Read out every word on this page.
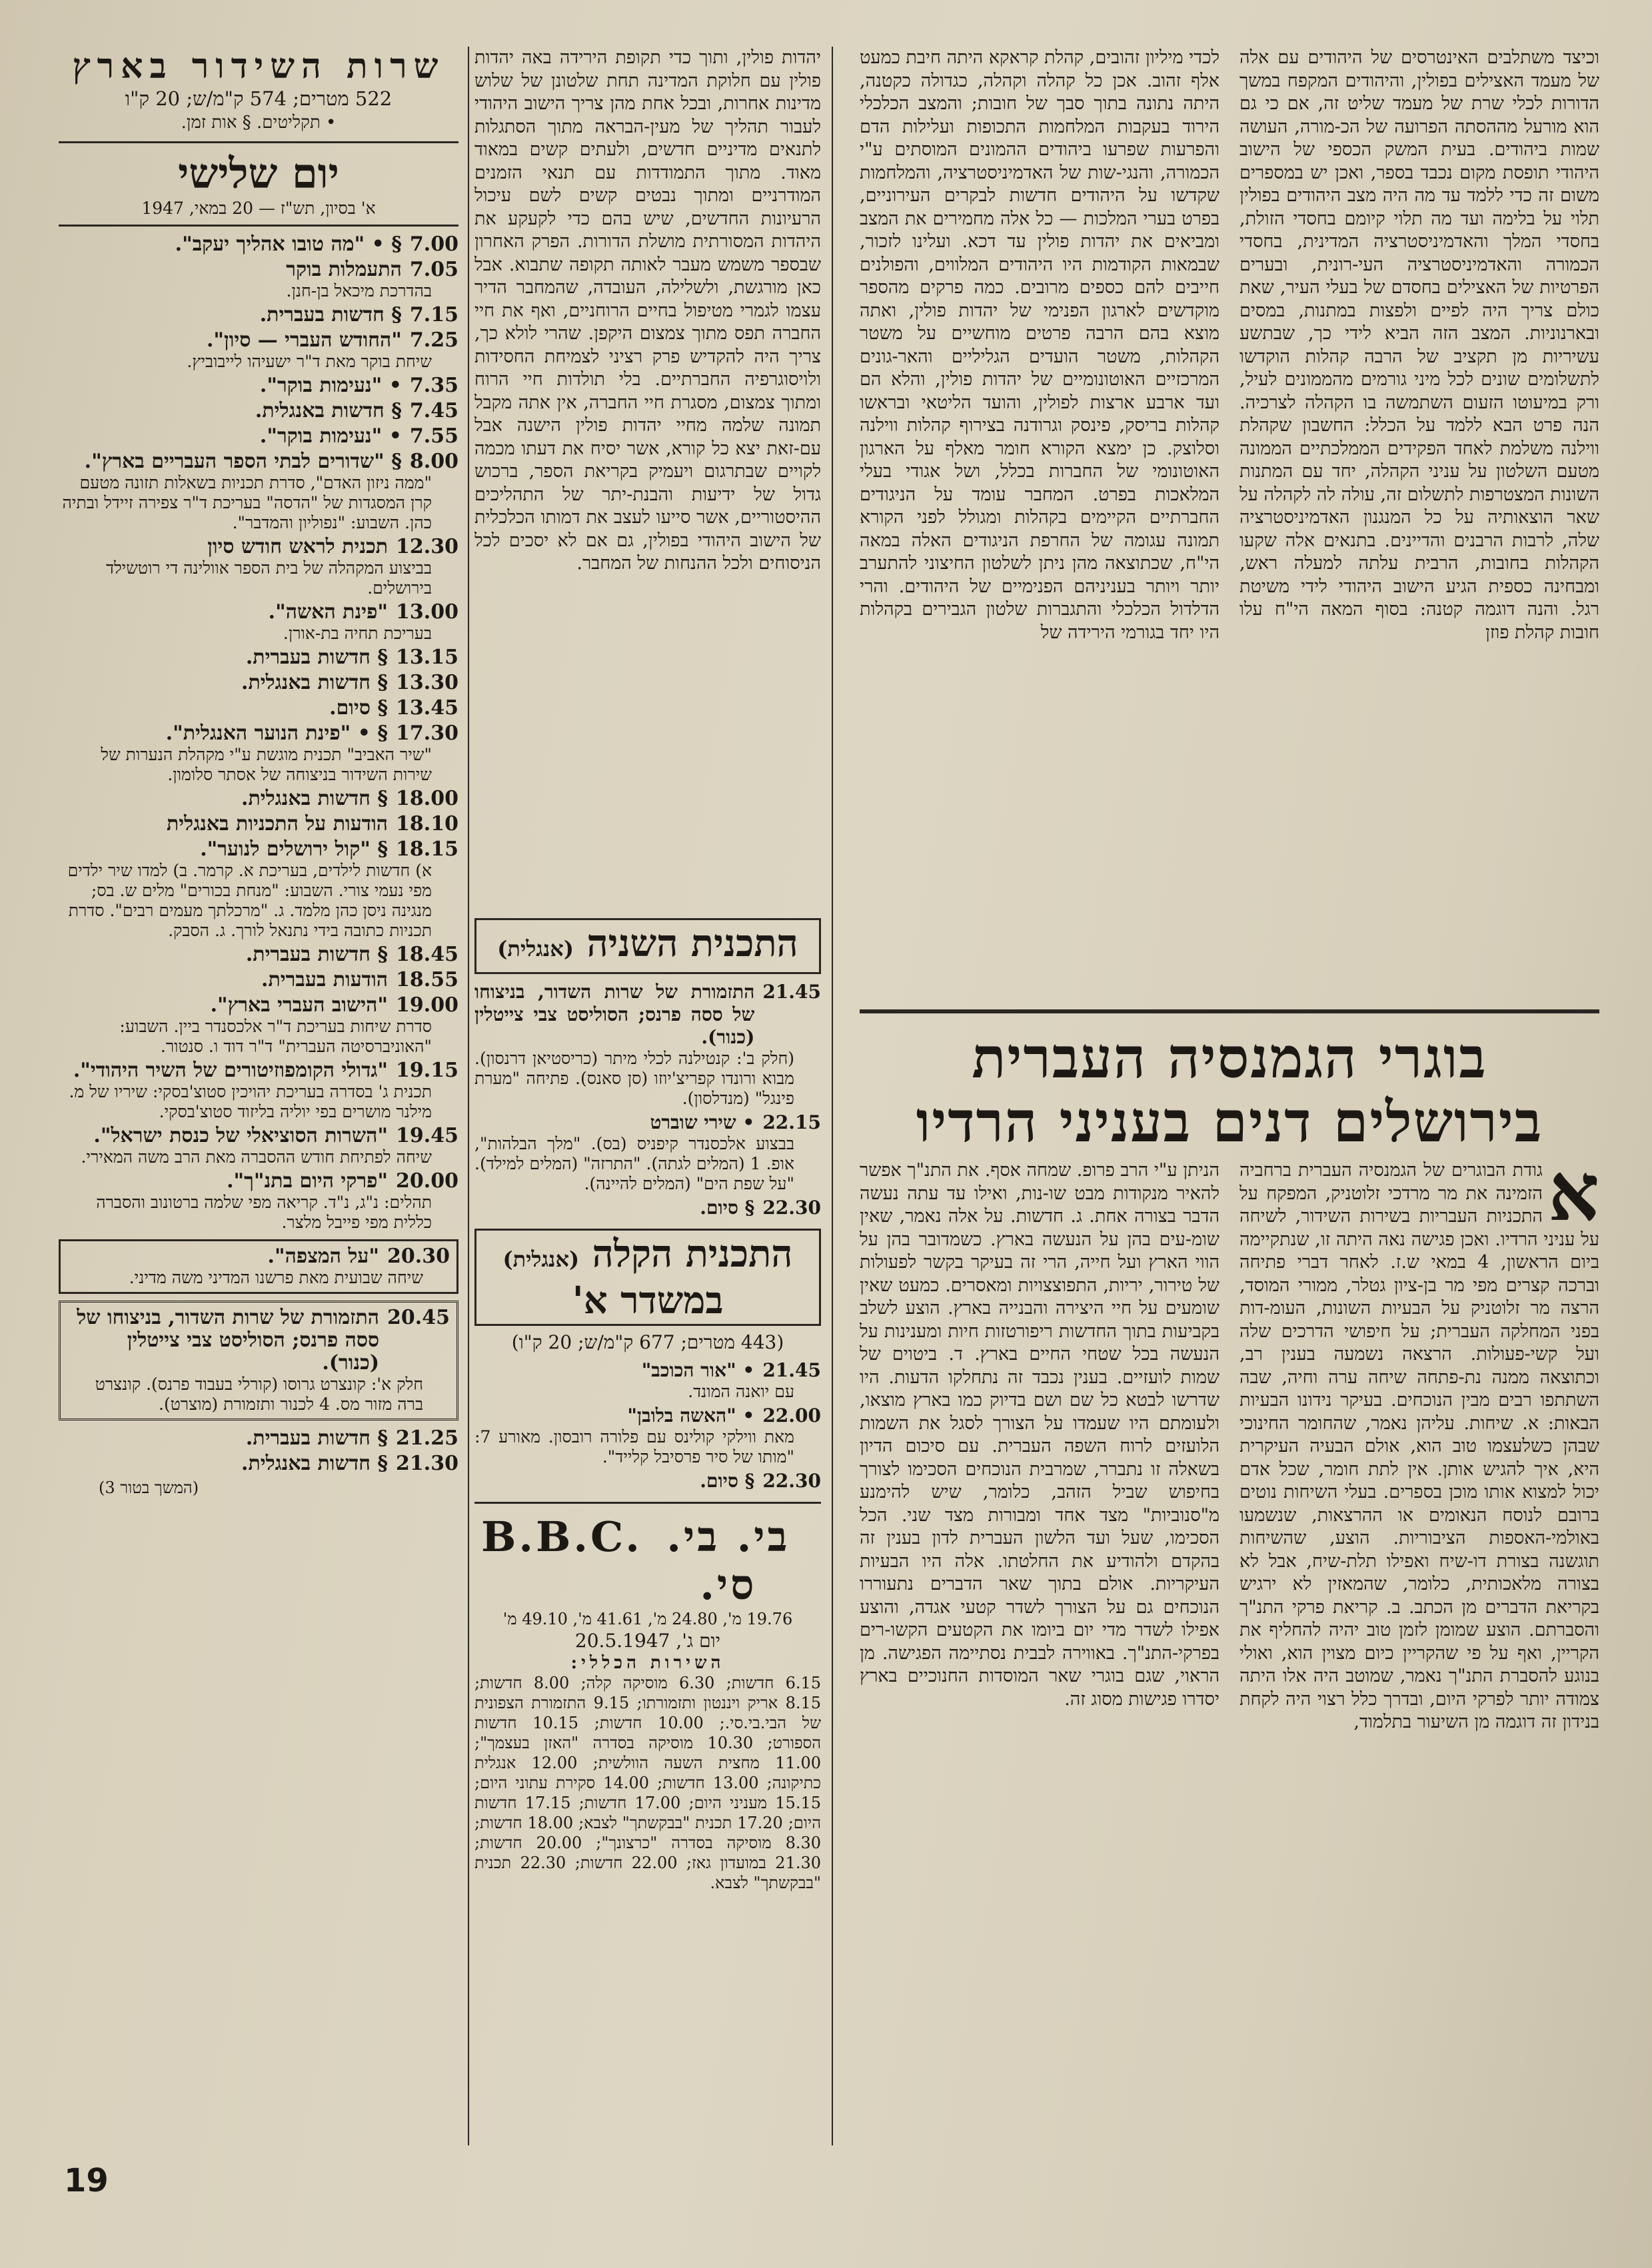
שרות השידור בארץ
522 מטרים; 574 ק"מ/ש; 20 ק"ו
• תקליטים. § אות זמן.
יום שלישי
א' בסיון, תש"ז — 20 במאי, 1947
7.00
§ • "מה טובו אהליך יעקב".
7.05
התעמלות בוקר
בהדרכת מיכאל בן-חנן.
7.15
§ חדשות בעברית.
7.25
"החודש העברי — סיון".
שיחת בוקר מאת ד"ר ישעיהו לייבוביץ.
7.35
• "נעימות בוקר".
7.45
§ חדשות באנגלית.
7.55
• "נעימות בוקר".
8.00
§ "שדורים לבתי הספר העבריים בארץ".
"ממה ניזון האדם", סדרת תכניות בשאלות תזונה מטעם קרן המסגדות של "הדסה" בעריכת ד"ר צפירה זיידל ובתיה כהן. השבוע: "נפוליון והמדבר".
12.30
תכנית לראש חודש סיון
בביצוע המקהלה של בית הספר אוולינה די רוטשילד בירושלים.
13.00
"פינת האשה".
בעריכת תחיה בת-אורן.
13.15
§ חדשות בעברית.
13.30
§ חדשות באנגלית.
13.45
§ סיום.
17.30
§ • "פינת הנוער האנגלית".
"שיר האביב" תכנית מוגשת ע"י מקהלת הנערות של שירות השידור בניצוחה של אסתר סלומון.
18.00
§ חדשות באנגלית.
18.10
הודעות על התכניות באנגלית
18.15
§ "קול ירושלים לנוער".
א) חדשות לילדים, בעריכת א. קרמר. ב) למדו שיר ילדים מפי נעמי צורי. השבוע: "מנחת בכורים" מלים ש. בס; מנגינה ניסן כהן מלמד. ג. "מרכלתך מעמים רבים". סדרת תכניות כתובה בידי נתנאל לורך. ג. הסבק.
18.45
§ חדשות בעברית.
18.55
הודעות בעברית.
19.00
"הישוב העברי בארץ".
סדרת שיחות בעריכת ד"ר אלכסנדר ביין. השבוע: "האוניברסיטה העברית" ד"ר דוד ו. סנטור.
19.15
"גדולי הקומפוזיטורים של השיר היהודי".
תכנית ג' בסדרה בעריכת יהויכין סטוצ'בסקי: שיריו של מ. מילנר מושרים בפי יוליה בליזוד סטוצ'בסקי.
19.45
"השרות הסוציאלי של כנסת ישראל".
שיחה לפתיחת חודש ההסברה מאת הרב משה המאירי.
20.00
"פרקי היום בתנ"ך".
תהלים: נ"ג, נ"ד. קריאה מפי שלמה ברטונוב והסברה כללית מפי פייבל מלצר.
20.30
"על המצפה".
שיחה שבועית מאת פרשנו המדיני משה מדיני.
20.45
התזמורת של שרות השדור, בניצוחו של ססה פרנס; הסוליסט צבי צייטלין (כנור).
חלק א': קונצרט גרוסו (קורלי בעבוד פרנס). קונצרט ברה מזור מס. 4 לכנור ותזמורת (מוצרט).
21.25
§ חדשות בעברית.
21.30
§ חדשות באנגלית.
(המשך בטור 3)

יהדות פולין, ותוך כדי תקופת הירידה באה יהדות פולין עם חלוקת המדינה תחת שלטונן של שלוש מדינות אחרות, ובכל אחת מהן צריך הישוב היהודי לעבור תהליך של מעין-הבראה מתוך הסתגלות לתנאים מדיניים חדשים, ולעתים קשים במאוד מאוד. מתוך התמודדות עם תנאי הזמנים המודרניים ומתוך נבטים קשים לשם עיכול הרעיונות החדשים, שיש בהם כדי לקעקע את היהדות המסורתית מושלת הדורות. הפרק האחרון שבספר משמש מעבר לאותה תקופה שתבוא. אבל כאן מורגשת, ולשלילה, העובדה, שהמחבר הדיר עצמו לגמרי מטיפול בחיים הרוחניים, ואף את חיי החברה תפס מתוך צמצום היקפן. שהרי לולא כך, צריך היה להקדיש פרק רציני לצמיחת החסידות ולויסוגרפיה החברתיים. בלי תולדות חיי הרוח ומתוך צמצום, מסגרת חיי החברה, אין אתה מקבל תמונה שלמה מחיי יהדות פולין הישנה אבל עם-זאת יצא כל קורא, אשר יסיח את דעתו מכמה לקויים שבתרגום ויעמיק בקריאת הספר, ברכוש גדול של ידיעות והבנת-יתר של התהליכים ההיסטוריים, אשר סייעו לעצב את דמותו הכלכלית של הישוב היהודי בפולין, גם אם לא יסכים לכל הניסוחים ולכל ההנחות של המחבר.

התכנית השניה (אנגלית)
21.45
התזמורת של שרות השדור, בניצוחו של ססה פרנס; הסוליסט צבי צייטלין (כנור).
(חלק ב': קנטילנה לכלי מיתר (כריסטיאן דרנסון). מבוא ורונדו קפריצ'יוזו (סן סאנס). פתיחה "מערת פינגל" (מנדלסון).
22.15
• שירי שוברט
בבצוע אלכסנדר קיפניס (בס). "מלך הבלהות", אופ. 1 (המלים לגתה). "התרזה" (המלים למילד). "על שפת הים" (המלים להיינה).
22.30
§ סיום.
התכנית הקלה (אנגלית)
במשדר א'
(443 מטרים; 677 ק"מ/ש; 20 ק"ו)
21.45
• "אור הכוכב"
עם יואנה המונד.
22.00
• "האשה בלובן"
מאת ווילקי קולינס עם פלורה רובסון. מאורע 7: "מותו של סיר פרסיבל קלייד".
22.30
§ סיום.
B.B.C. בי. בי. סי.
19.76 מ', 24.80 מ', 41.61 מ', 49.10 מ'
יום ג', 20.5.1947
השירות הכללי:

6.15 חדשות; 6.30 מוסיקה קלה; 8.00 חדשות; 8.15 אריק ויננטון ותזמורתו; 9.15 התזמורת הצפונית של הבי.בי.סי.; 10.00 חדשות; 10.15 חדשות הספורט; 10.30 מוסיקה בסדרה "האזן בעצמך"; 11.00 מחצית השעה הוולשית; 12.00 אנגלית כתיקונה; 13.00 חדשות; 14.00 סקירת עתוני היום; 15.15 מעניני היום; 17.00 חדשות; 17.15 חדשות היום; 17.20 תכנית "בבקשתך" לצבא; 18.00 חדשות; 8.30 מוסיקה בסדרה "כרצונך"; 20.00 חדשות; 21.30 במועדון גאז; 22.00 חדשות; 22.30 תכנית "בבקשתך" לצבא.

לכדי מיליון זהובים, קהלת קראקא היתה חיבת כמעט אלף זהוב. אכן כל קהלה וקהלה, כגדולה כקטנה, היתה נתונה בתוך סבך של חובות; והמצב הכלכלי הירוד בעקבות המלחמות התכופות ועלילות הדם והפרעות שפרעו ביהודים ההמונים המוסתים ע"י הכמורה, והנגי-שות של האדמיניסטרציה, והמלחמות שקדשו על היהודים חדשות לבקרים העירוניים, בפרט בערי המלכות — כל אלה מחמירים את המצב ומביאים את יהדות פולין עד דכא. ועלינו לזכור, שבמאות הקודמות היו היהודים המלווים, והפולנים חייבים להם כספים מרובים. כמה פרקים מהספר מוקדשים לארגון הפנימי של יהדות פולין, ואתה מוצא בהם הרבה פרטים מוחשיים על משטר הקהלות, משטר הועדים הגליליים והאר-גונים המרכזיים האוטונומיים של יהדות פולין, והלא הם ועד ארבע ארצות לפולין, והועד הליטאי ובראשו קהלות בריסק, פינסק וגרודנה בצירוף קהלות ווילנה וסלוצק. כן ימצא הקורא חומר מאלף על הארגון האוטונומי של החברות בכלל, ושל אגודי בעלי המלאכות בפרט. המחבר עומד על הניגודים החברתיים הקיימים בקהלות ומגולל לפני הקורא תמונה עגומה של החרפת הניגודים האלה במאה הי"ח, שכתוצאה מהן ניתן לשלטון החיצוני להתערב יותר ויותר בעניניהם הפנימיים של היהודים. והרי הדלדול הכלכלי והתגברות שלטון הגבירים בקהלות היו יחד בגורמי הירידה של
וכיצד משתלבים האינטרסים של היהודים עם אלה של מעמד האצילים בפולין, והיהודים המקפח במשך הדורות לכלי שרת של מעמד שליט זה, אם כי גם הוא מורעל מההסתה הפרועה של הכ-מורה, העושה שמות ביהודים. בעית המשק הכספי של הישוב היהודי תופסת מקום נכבד בספר, ואכן יש במספרים משום זה כדי ללמד עד מה היה מצב היהודים בפולין תלוי על בלימה ועד מה תלוי קיומם בחסדי הזולת, בחסדי המלך והאדמיניסטרציה המדינית, בחסדי הכמורה והאדמיניסטרציה העי-רונית, ובערים הפרטיות של האצילים בחסדם של בעלי העיר, שאת כולם צריך היה לפיים ולפצות במתנות, במסים ובארנוניות. המצב הזה הביא לידי כך, שבתשע עשיריות מן תקציב של הרבה קהלות הוקדשו לתשלומים שונים לכל מיני גורמים מהממונים לעיל, ורק במיעוטו הזעום השתמשה בו הקהלה לצרכיה. הנה פרט הבא ללמד על הכלל: החשבון שקהלת ווילנה משלמת לאחד הפקידים הממלכתיים הממונה מטעם השלטון על עניני הקהלה, יחד עם המתנות השונות המצטרפות לתשלום זה, עולה לה לקהלה על שאר הוצאותיה על כל המנגנון האדמיניסטרציה שלה, לרבות הרבנים והדיינים. בתנאים אלה שקעו הקהלות בחובות, הרבית עלתה למעלה ראש, ומבחינה כספית הגיע הישוב היהודי לידי משיטת רגל. והנה דוגמה קטנה: בסוף המאה הי"ח עלו חובות קהלת פוזן
בוגרי הגמנסיה העברית
בירושלים דנים בעניני הרדיו
א
גודת הבוגרים של הגמנסיה העברית ברחביה הזמינה את מר מרדכי זלוטניק, המפקח על התכניות העבריות בשירות השידור, לשיחה על עניני הרדיו. ואכן פגישה נאה היתה זו, שנתקיימה ביום הראשון, 4 במאי ש.ז. לאחר דברי פתיחה וברכה קצרים מפי מר בן-ציון גטלר, ממורי המוסד, הרצה מר זלוטניק על הבעיות השונות, העומ-דות בפני המחלקה העברית; על חיפושי הדרכים שלה ועל קשי-פעולות. הרצאה נשמעה בענין רב, וכתוצאה ממנה נת-פתחה שיחה ערה וחיה, שבה השתתפו רבים מבין הנוכחים. בעיקר נידונו הבעיות הבאות: א. שיחות. עליהן נאמר, שהחומר החינוכי שבהן כשלעצמו טוב הוא, אולם הבעיה העיקרית היא, איך להגיש אותן. אין לתת חומר, שכל אדם יכול למצוא אותו מוכן בספרים. בעלי השיחות נוטים ברובם לנוסח הנאומים או ההרצאות, שנשמעו באולמי-האספות הציבוריות. הוצע, שהשיחות תוגשנה בצורת דו-שיח ואפילו תלת-שיח, אבל לא בצורה מלאכותית, כלומר, שהמאזין לא ירגיש בקריאת הדברים מן הכתב. ב. קריאת פרקי התנ"ך והסברתם. הוצע שמומן לזמן טוב יהיה להחליף את הקריין, ואף על פי שהקריין כיום מצוין הוא, ואולי בנוגע להסברת התנ"ך נאמר, שמוטב היה אלו היתה צמודה יותר לפרקי היום, ובדרך כלל רצוי היה לקחת בנידון זה דוגמה מן השיעור בתלמוד,
הניתן ע"י הרב פרופ. שמחה אסף. את התנ"ך אפשר להאיר מנקודות מבט שו-נות, ואילו עד עתה נעשה הדבר בצורה אחת. ג. חדשות. על אלה נאמר, שאין שומ-עים בהן על הנעשה בארץ. כשמדובר בהן על הווי הארץ ועל חייה, הרי זה בעיקר בקשר לפעולות של טירור, יריות, התפוצצויות ומאסרים. כמעט שאין שומעים על חיי היצירה והבנייה בארץ. הוצע לשלב בקביעות בתוך החדשות ריפורטזות חיות ומענינות על הנעשה בכל שטחי החיים בארץ. ד. ביטוים של שמות לועזיים. בענין נכבד זה נתחלקו הדעות. היו שדרשו לבטא כל שם ושם בדיוק כמו בארץ מוצאו, ולעומתם היו שעמדו על הצורך לסגל את השמות הלועזים לרוח השפה העברית. עם סיכום הדיון בשאלה זו נתברר, שמרבית הנוכחים הסכימו לצורך בחיפוש שביל הזהב, כלומר, שיש להימנע מ"סנוביות" מצד אחד ומבורות מצד שני. הכל הסכימו, שעל ועד הלשון העברית לדון בענין זה בהקדם ולהודיע את החלטתו. אלה היו הבעיות העיקריות. אולם בתוך שאר הדברים נתעוררו הנוכחים גם על הצורך לשדר קטעי אגדה, והוצע אפילו לשדר מדי יום ביומו את הקטעים הקשו-רים בפרקי-התנ"ך. באווירה לבבית נסתיימה הפגישה. מן הראוי, שגם בוגרי שאר המוסדות החנוכיים בארץ יסדרו פגישות מסוג זה.
19
